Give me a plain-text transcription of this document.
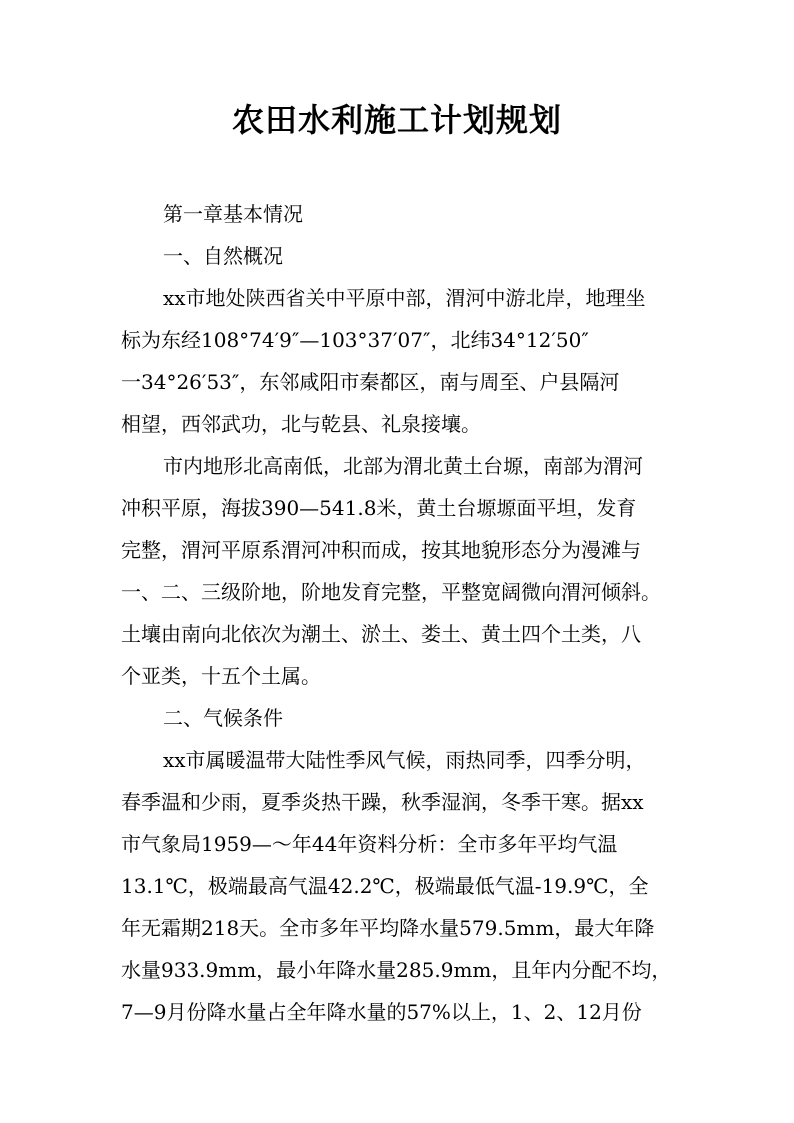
农田水利施工计划规划
第一章基本情况
一、自然概况
xx市地处陕西省关中平原中部，渭河中游北岸，地理坐
标为东经108°74′9″—103°37′07″，北纬34°12′50″
一34°26′53″，东邻咸阳市秦都区，南与周至、户县隔河
相望，西邻武功，北与乾县、礼泉接壤。
市内地形北高南低，北部为渭北黄土台塬，南部为渭河
冲积平原，海拔390—541.8米，黄土台塬塬面平坦，发育
完整，渭河平原系渭河冲积而成，按其地貌形态分为漫滩与
一、二、三级阶地，阶地发育完整，平整宽阔微向渭河倾斜。
土壤由南向北依次为潮土、淤土、娄土、黄土四个土类，八
个亚类，十五个土属。
二、气候条件
xx市属暖温带大陆性季风气候，雨热同季，四季分明，
春季温和少雨，夏季炎热干躁，秋季湿润，冬季干寒。据xx
市气象局1959—～年44年资料分析：全市多年平均气温
13.1℃，极端最高气温42.2℃，极端最低气温-19.9℃，全
年无霜期218天。全市多年平均降水量579.5mm，最大年降
水量933.9mm，最小年降水量285.9mm，且年内分配不均，
7—9月份降水量占全年降水量的57%以上，1、2、12月份
